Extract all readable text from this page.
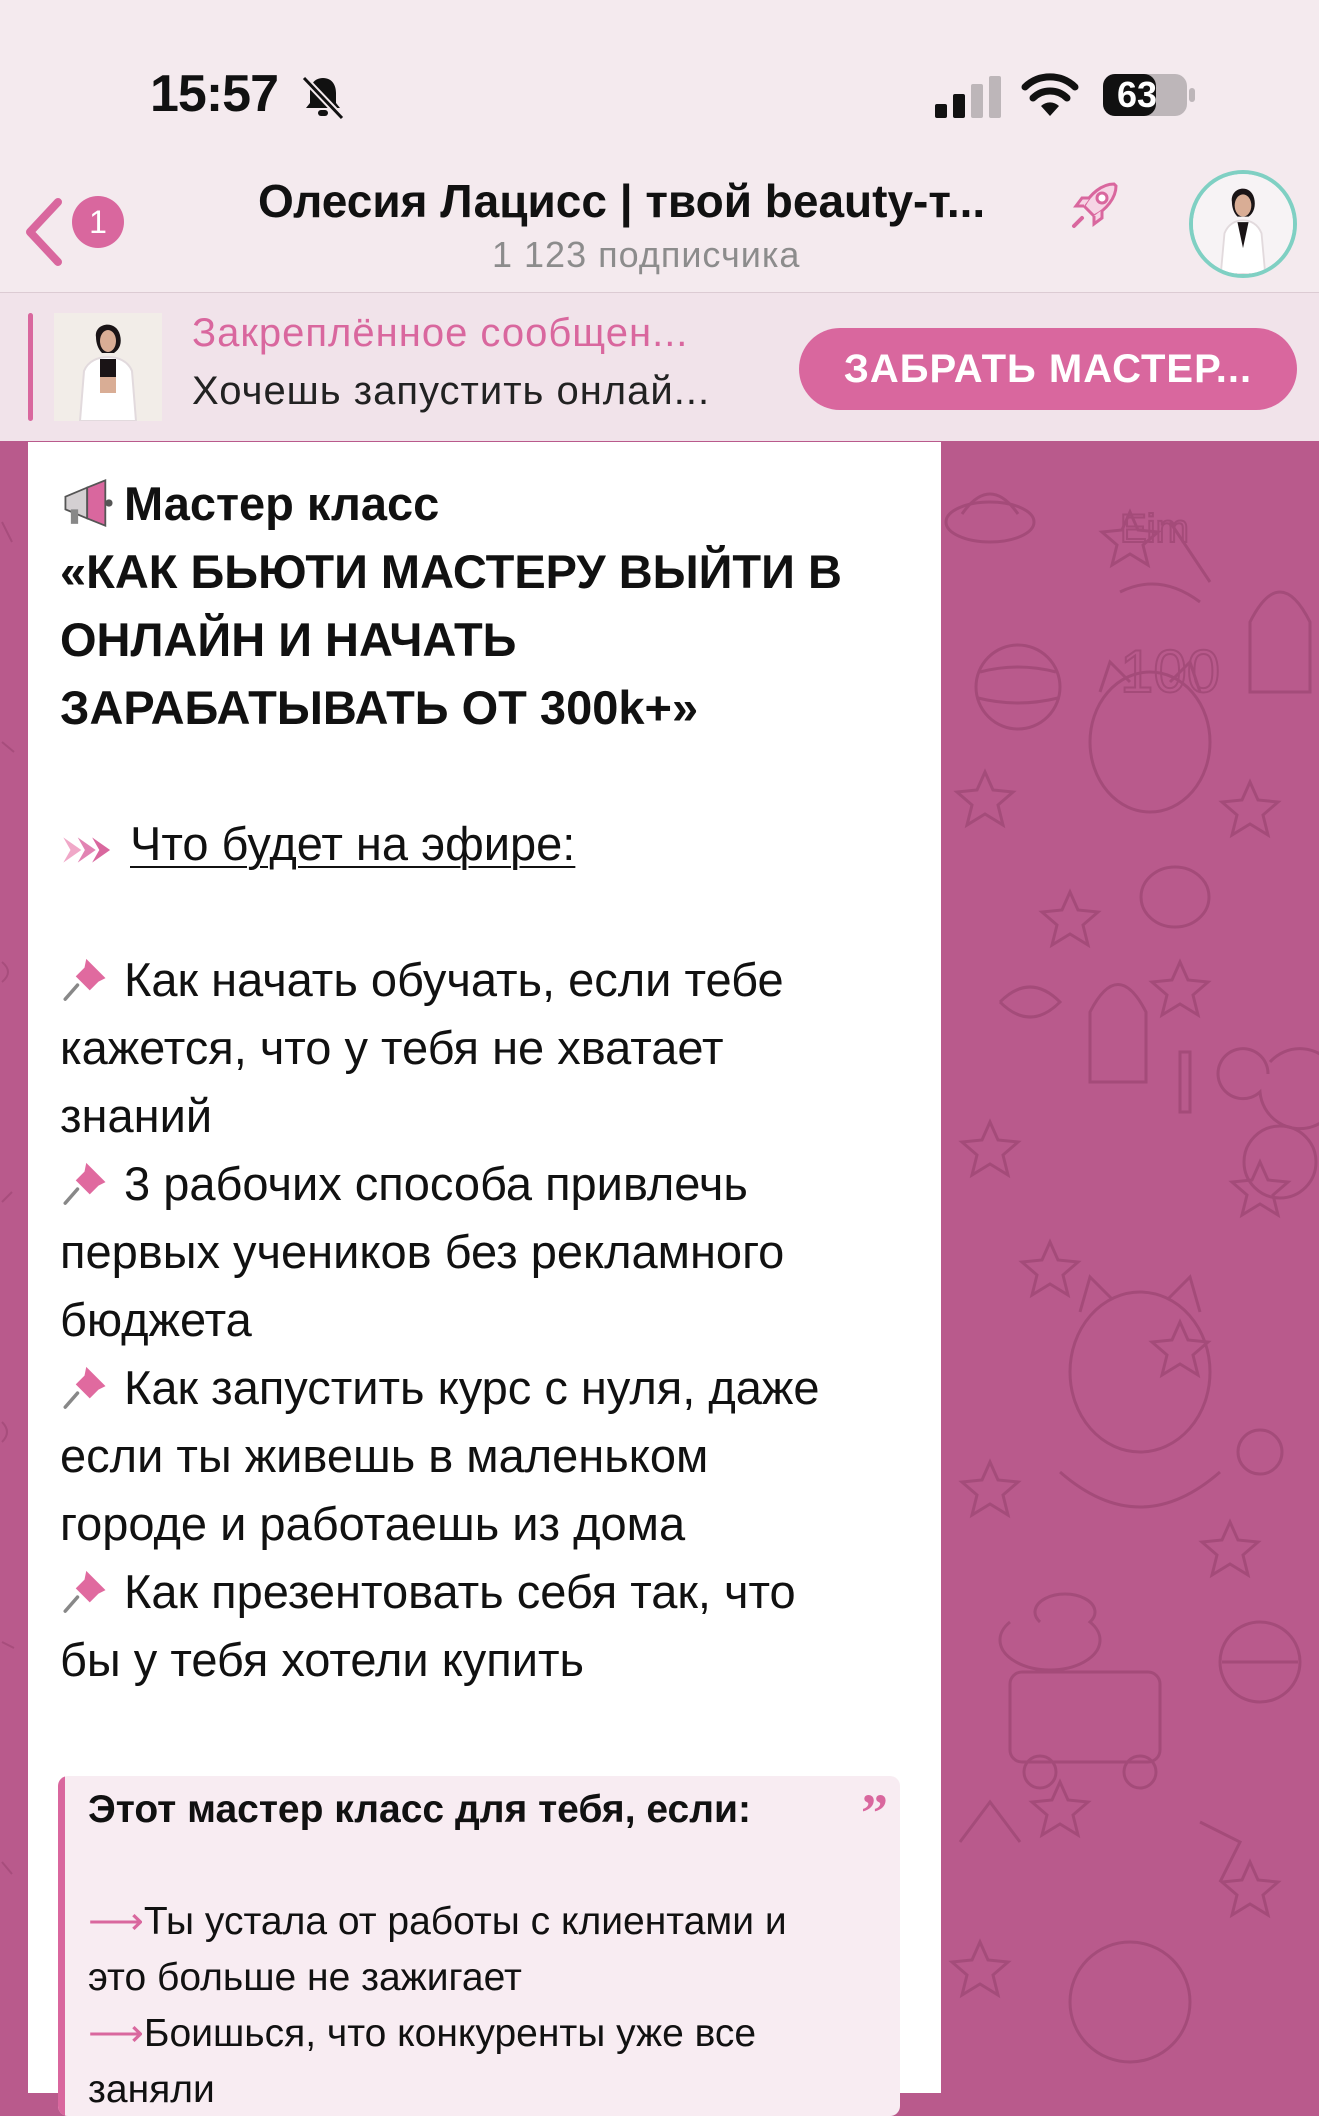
15:57	63
1	Олесия Лацисс | твой beauty-т...
1 123 подписчика
Закреплённое сообщен...
Хочешь запустить онлай...	ЗАБРАТЬ МАСТЕР...
Eim
100
Мастер класс
«КАК БЬЮТИ МАСТЕРУ ВЫЙТИ В
ОНЛАЙН И НАЧАТЬ
ЗАРАБАТЫВАТЬ ОТ 300k+»
Что будет на эфире:
Как начать обучать, если тебе
кажется, что у тебя не хватает
знаний
3 рабочих способа привлечь
первых учеников без рекламного
бюджета
Как запустить курс с нуля, даже
если ты живешь в маленьком
городе и работаешь из дома
Как презентовать себя так, что
бы у тебя хотели купить
”
Этот мастер класс для тебя, если:
⟶Ты устала от работы с клиентами и
это больше не зажигает
⟶Боишься, что конкуренты уже все
заняли
